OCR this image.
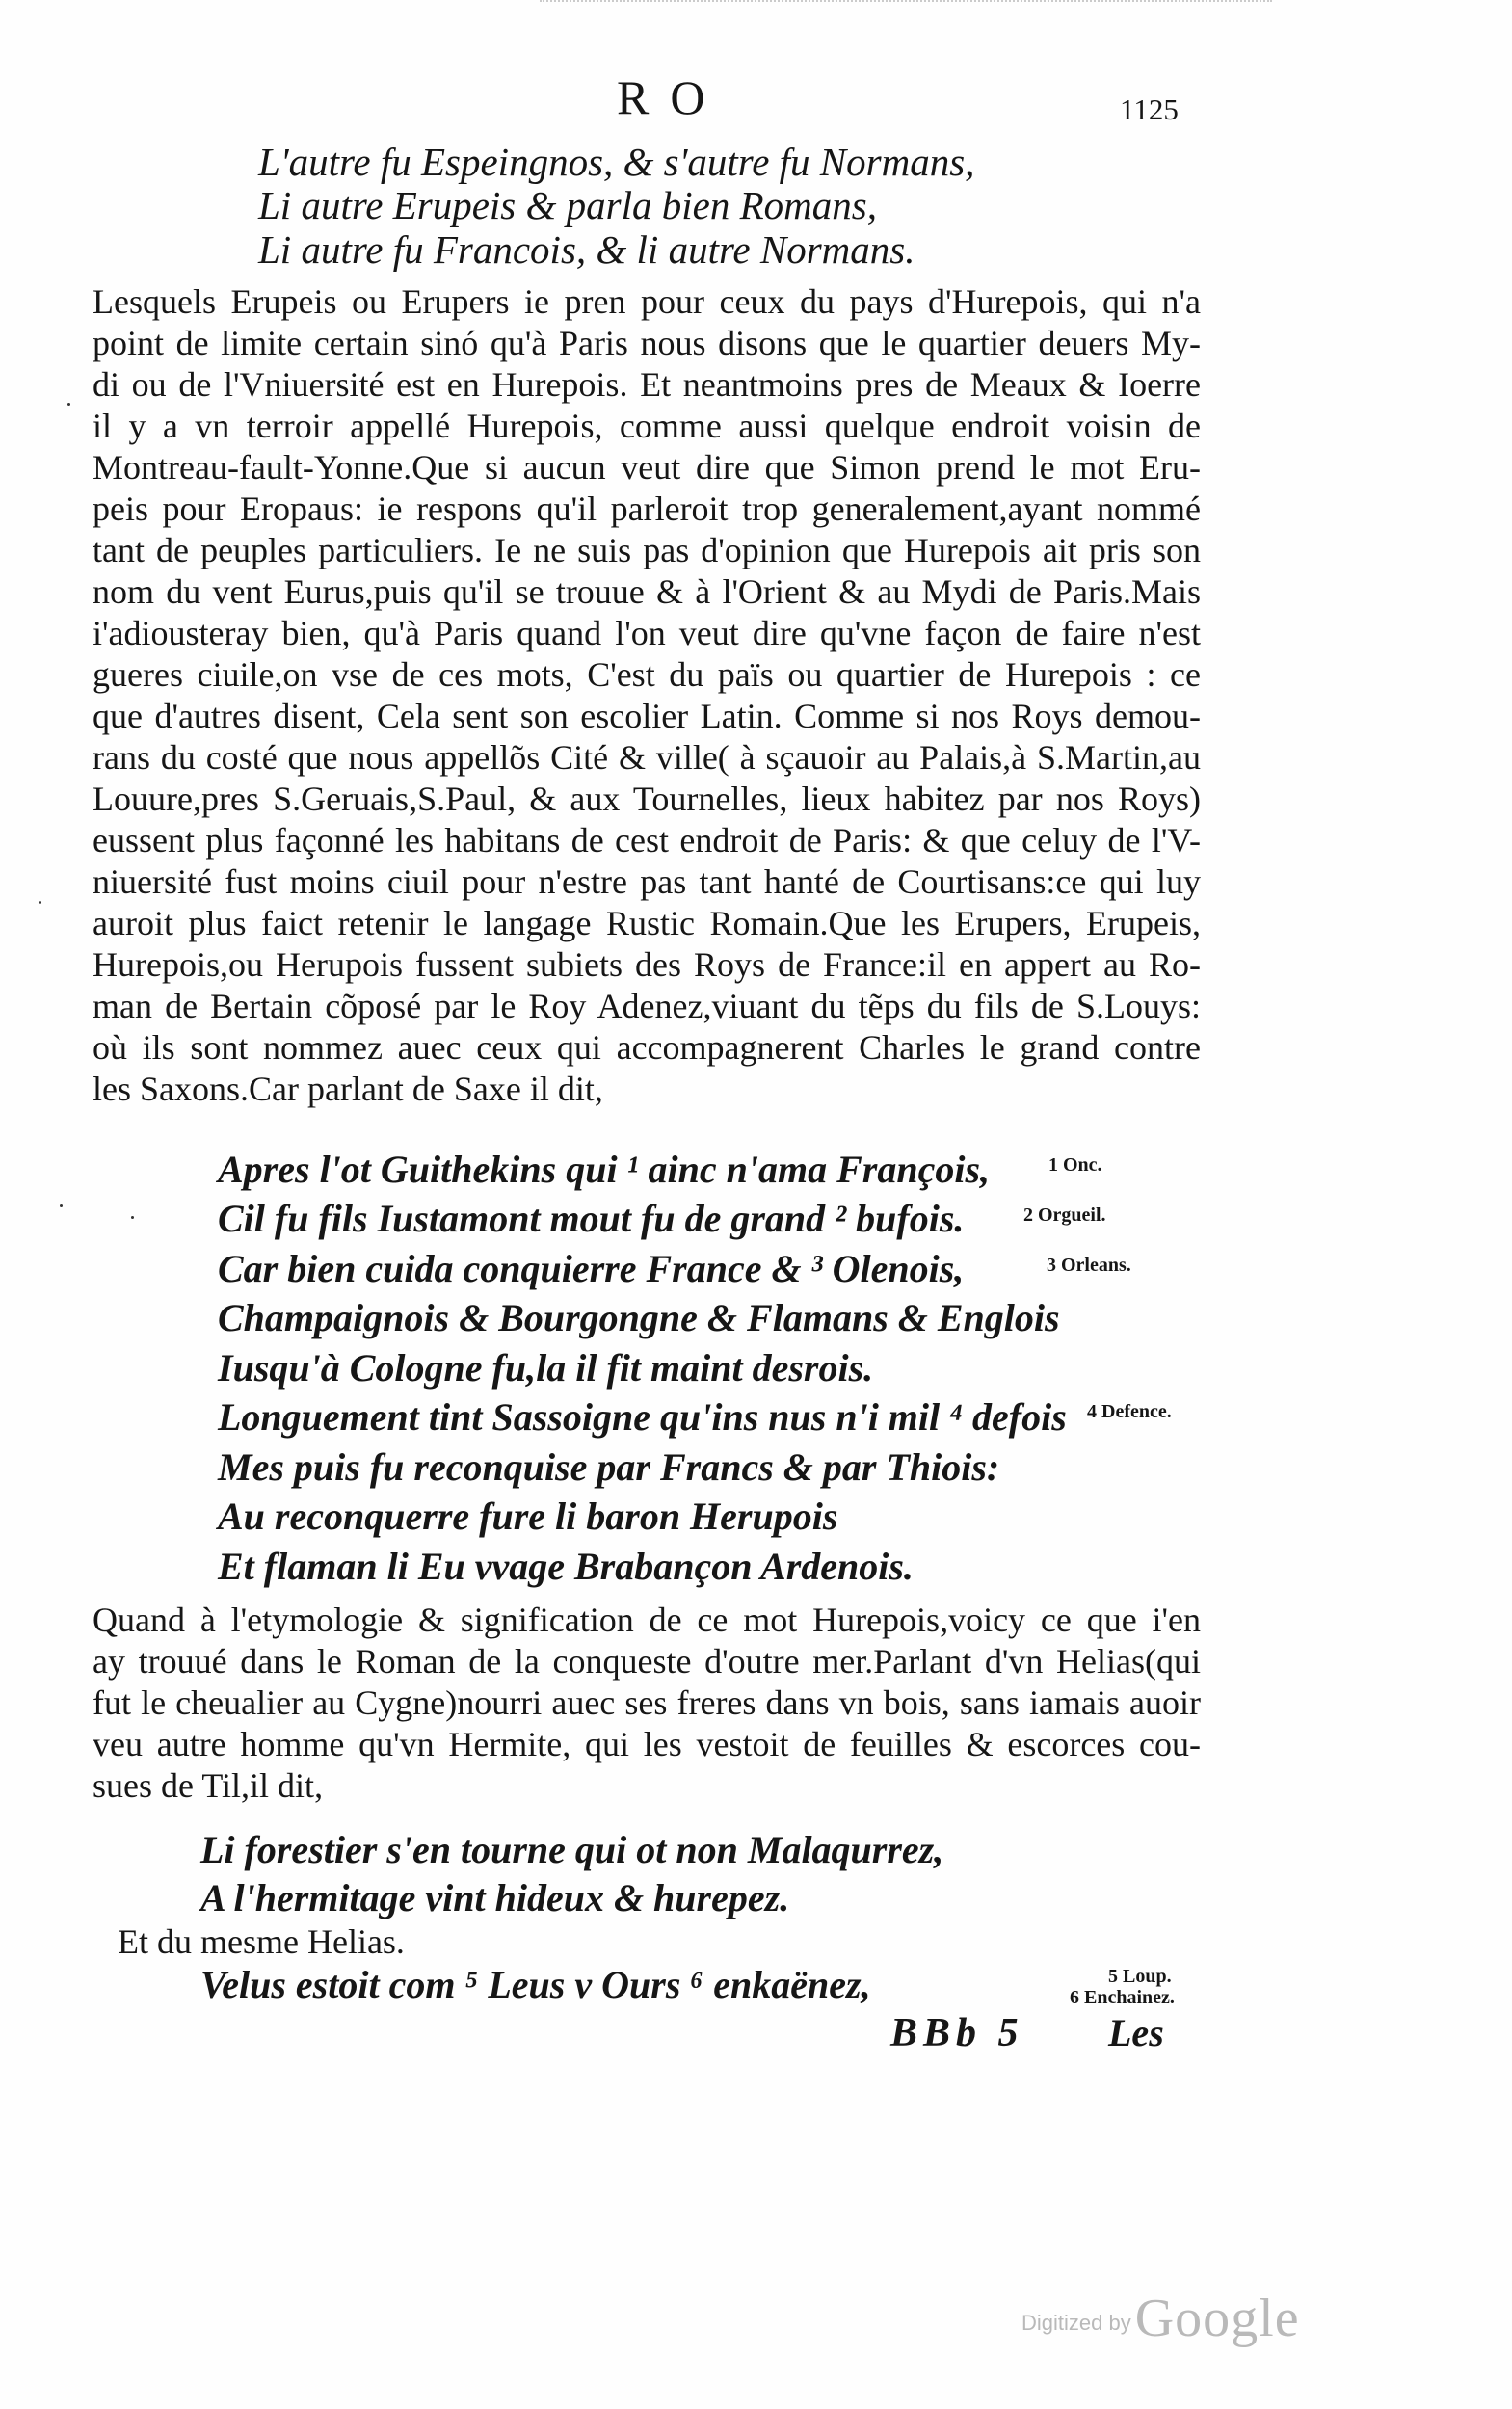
RO	1125
L'autre fu Espeingnos, & s'autre fu Normans,
Li autre Erupeis & parla bien Romans,
Li autre fu Francois, & li autre Normans.
Lesquels Erupeis ou Erupers ie pren pour ceux du pays d'Hurepois, qui n'a
point de limite certain sinó qu'à Paris nous disons que le quartier deuers My-
di ou de l'Vniuersité est en Hurepois. Et neantmoins pres de Meaux & Ioerre
il y a vn terroir appellé Hurepois, comme aussi quelque endroit voisin de
Montreau-fault-Yonne.Que si aucun veut dire que Simon prend le mot Eru-
peis pour Eropaus: ie respons qu'il parleroit trop generalement,ayant nommé
tant de peuples particuliers. Ie ne suis pas d'opinion que Hurepois ait pris son
nom du vent Eurus,puis qu'il se trouue & à l'Orient & au Mydi de Paris.Mais
i'adiousteray bien, qu'à Paris quand l'on veut dire qu'vne façon de faire n'est
gueres ciuile,on vse de ces mots, C'est du païs ou quartier de Hurepois : ce
que d'autres disent, Cela sent son escolier Latin. Comme si nos Roys demou-
rans du costé que nous appellõs Cité & ville( à sçauoir au Palais,à S.Martin,au
Louure,pres S.Geruais,S.Paul, & aux Tournelles, lieux habitez par nos Roys)
eussent plus façonné les habitans de cest endroit de Paris: & que celuy de l'V-
niuersité fust moins ciuil pour n'estre pas tant hanté de Courtisans:ce qui luy
auroit plus faict retenir le langage Rustic Romain.Que les Erupers, Erupeis,
Hurepois,ou Herupois fussent subiets des Roys de France:il en appert au Ro-
man de Bertain cõposé par le Roy Adenez,viuant du tẽps du fils de S.Louys:
où ils sont nommez auec ceux qui accompagnerent Charles le grand contre
les Saxons.Car parlant de Saxe il dit,
Apres l'ot Guithekins qui ¹ ainc n'ama François,
Cil fu fils Iustamont mout fu de grand ² bufois.
Car bien cuida conquierre France & ³ Olenois,
Champaignois & Bourgongne & Flamans & Englois
Iusqu'à Cologne fu,la il fit maint desrois.
Longuement tint Sassoigne qu'ins nus n'i mil ⁴ defois
Mes puis fu reconquise par Francs & par Thiois:
Au reconquerre fure li baron Herupois
Et flaman li Eu vvage Brabançon Ardenois.
1 Onc.
2 Orgueil.
3 Orleans.
4 Defence.
5 Loup.
6 Enchainez.
Quand à l'etymologie & signification de ce mot Hurepois,voicy ce que i'en
ay trouué dans le Roman de la conqueste d'outre mer.Parlant d'vn Helias(qui
fut le cheualier au Cygne)nourri auec ses freres dans vn bois, sans iamais auoir
veu autre homme qu'vn Hermite, qui les vestoit de feuilles & escorces cou-
sues de Til,il dit,
Li forestier s'en tourne qui ot non Malaqurrez,
A l'hermitage vint hideux & hurepez.
Et du mesme Helias.
Velus estoit com ⁵ Leus v Ours ⁶ enkaënez,
BBb 5 Les
Digitized byGoogle
